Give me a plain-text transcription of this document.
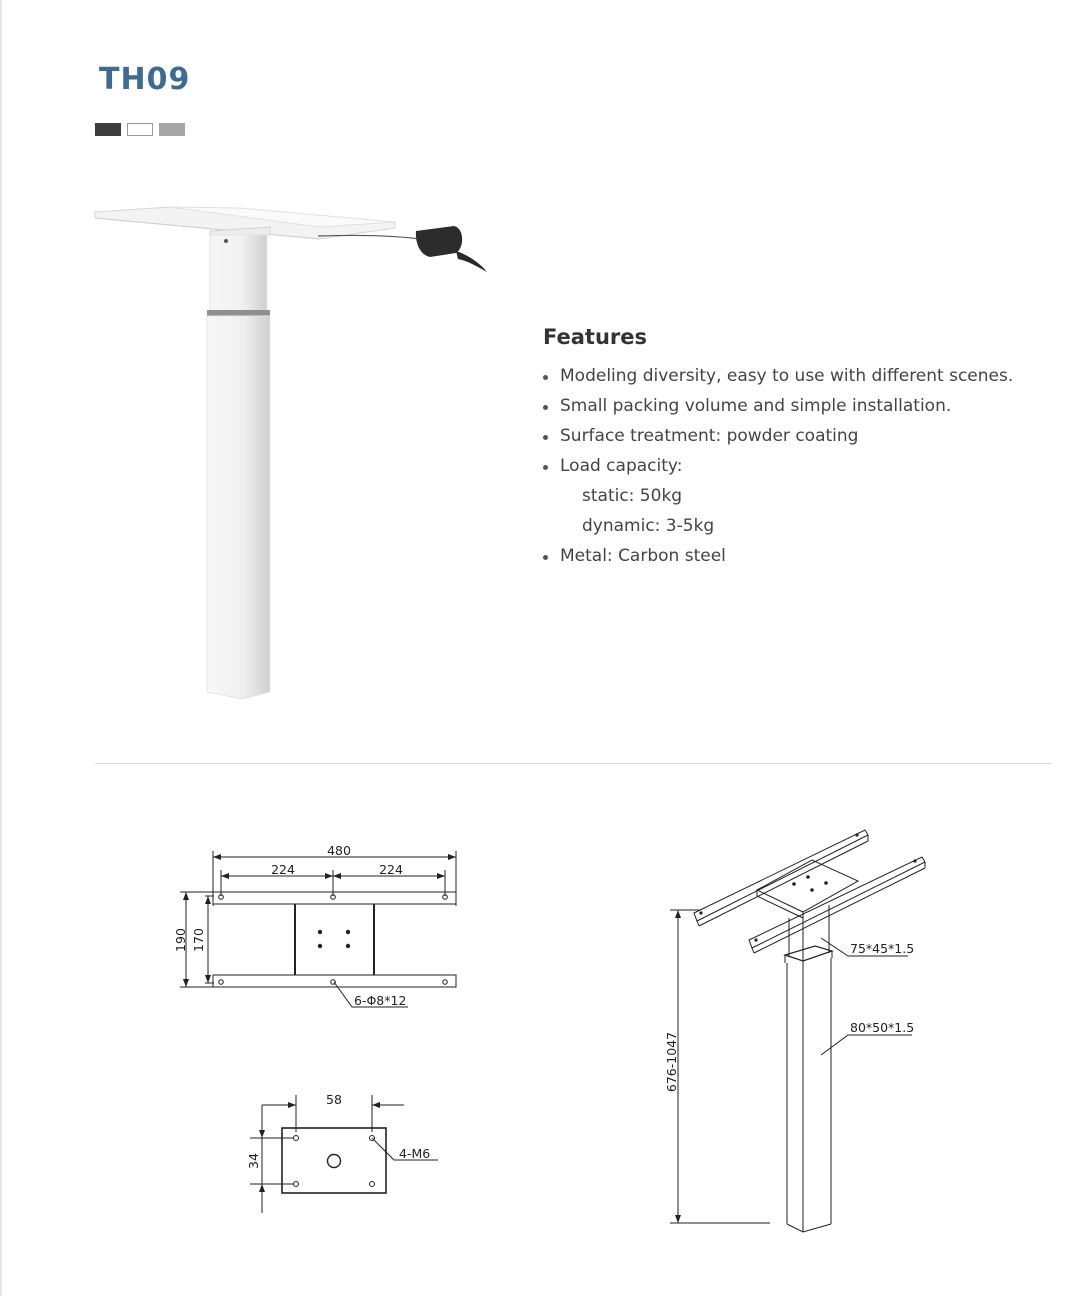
TH09
Features
Modeling diversity, easy to use with different scenes.
Small packing volume and simple installation.
Surface treatment: powder coating
Load capacity:
static: 50kg
dynamic: 3-5kg
Metal: Carbon steel
480
224	224
190 170
6-Φ8*12
58
34	4-M6
676-1047
75*45*1.5
80*50*1.5
